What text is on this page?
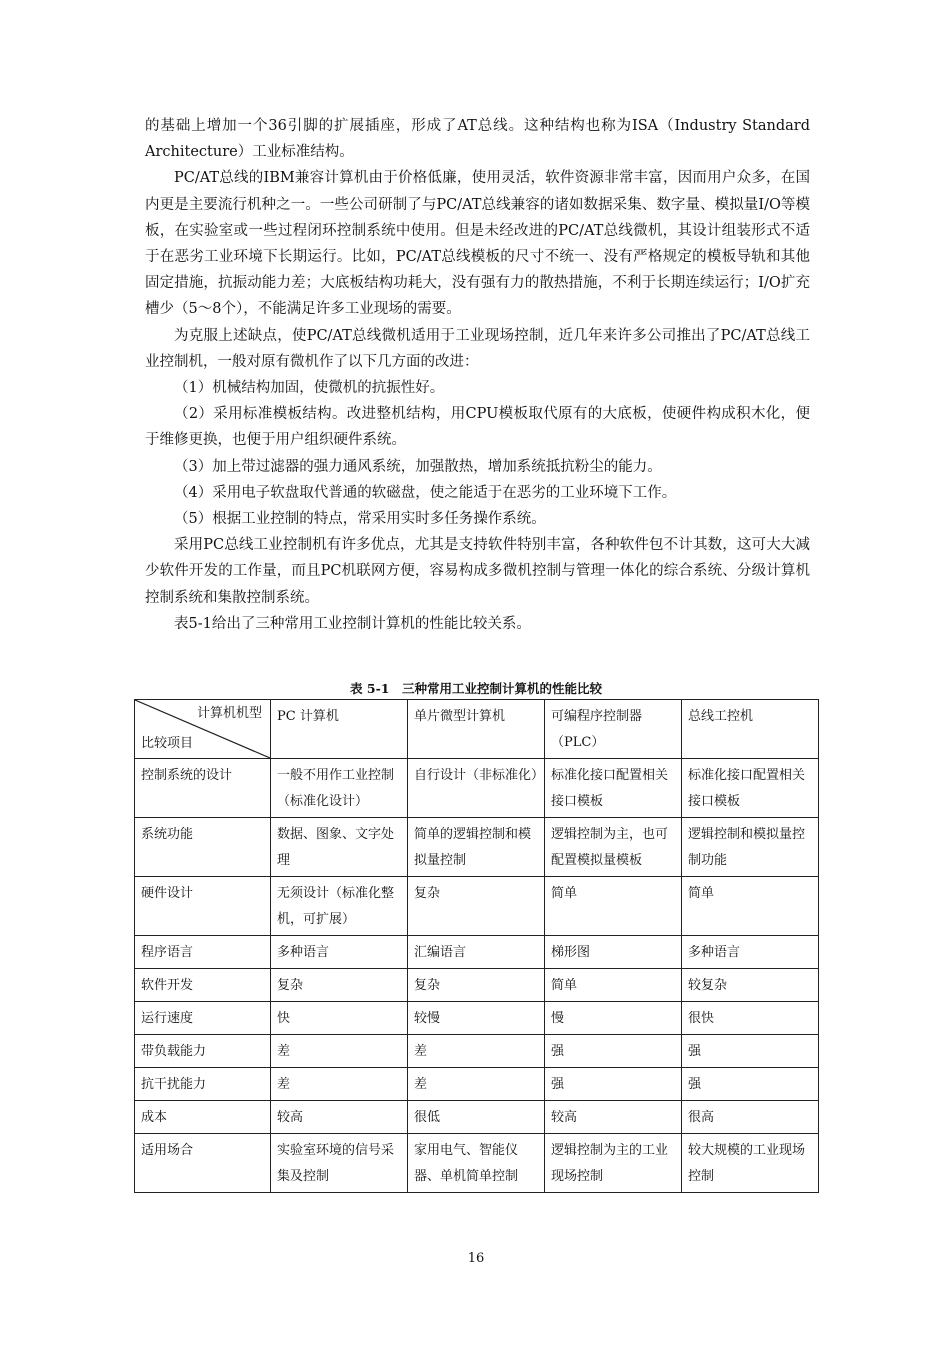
的基础上增加一个36引脚的扩展插座，形成了AT总线。这种结构也称为ISA（Industry Standard Architecture）工业标准结构。

PC/AT总线的IBM兼容计算机由于价格低廉，使用灵活，软件资源非常丰富，因而用户众多，在国内更是主要流行机种之一。一些公司研制了与PC/AT总线兼容的诸如数据采集、数字量、模拟量I/O等模板，在实验室或一些过程闭环控制系统中使用。但是未经改进的PC/AT总线微机，其设计组装形式不适于在恶劣工业环境下长期运行。比如，PC/AT总线模板的尺寸不统一、没有严格规定的模板导轨和其他固定措施，抗振动能力差；大底板结构功耗大，没有强有力的散热措施，不利于长期连续运行；I/O扩充槽少（5～8个），不能满足许多工业现场的需要。

为克服上述缺点，使PC/AT总线微机适用于工业现场控制，近几年来许多公司推出了PC/AT总线工业控制机，一般对原有微机作了以下几方面的改进：

（1）机械结构加固，使微机的抗振性好。

（2）采用标准模板结构。改进整机结构，用CPU模板取代原有的大底板，使硬件构成积木化，便于维修更换，也便于用户组织硬件系统。

（3）加上带过滤器的强力通风系统，加强散热，增加系统抵抗粉尘的能力。

（4）采用电子软盘取代普通的软磁盘，使之能适于在恶劣的工业环境下工作。

（5）根据工业控制的特点，常采用实时多任务操作系统。

采用PC总线工业控制机有许多优点，尤其是支持软件特别丰富，各种软件包不计其数，这可大大减少软件开发的工作量，而且PC机联网方便，容易构成多微机控制与管理一体化的综合系统、分级计算机控制系统和集散控制系统。

表5-1给出了三种常用工业控制计算机的性能比较关系。

表 5-1　三种常用工业控制计算机的性能比较
计算机机型
比较项目	PC 计算机	单片微型计算机	可编程序控制器（PLC）	总线工控机
控制系统的设计	一般不用作工业控制（标准化设计）	自行设计（非标准化）	标准化接口配置相关接口模板	标准化接口配置相关接口模板
系统功能	数据、图象、文字处理	简单的逻辑控制和模拟量控制	逻辑控制为主，也可配置模拟量模板	逻辑控制和模拟量控制功能
硬件设计	无须设计（标准化整机，可扩展）	复杂	简单	简单
程序语言	多种语言	汇编语言	梯形图	多种语言
软件开发	复杂	复杂	简单	较复杂
运行速度	快	较慢	慢	很快
带负载能力	差	差	强	强
抗干扰能力	差	差	强	强
成本	较高	很低	较高	很高
适用场合	实验室环境的信号采集及控制	家用电气、智能仪器、单机简单控制	逻辑控制为主的工业现场控制	较大规模的工业现场控制
16
